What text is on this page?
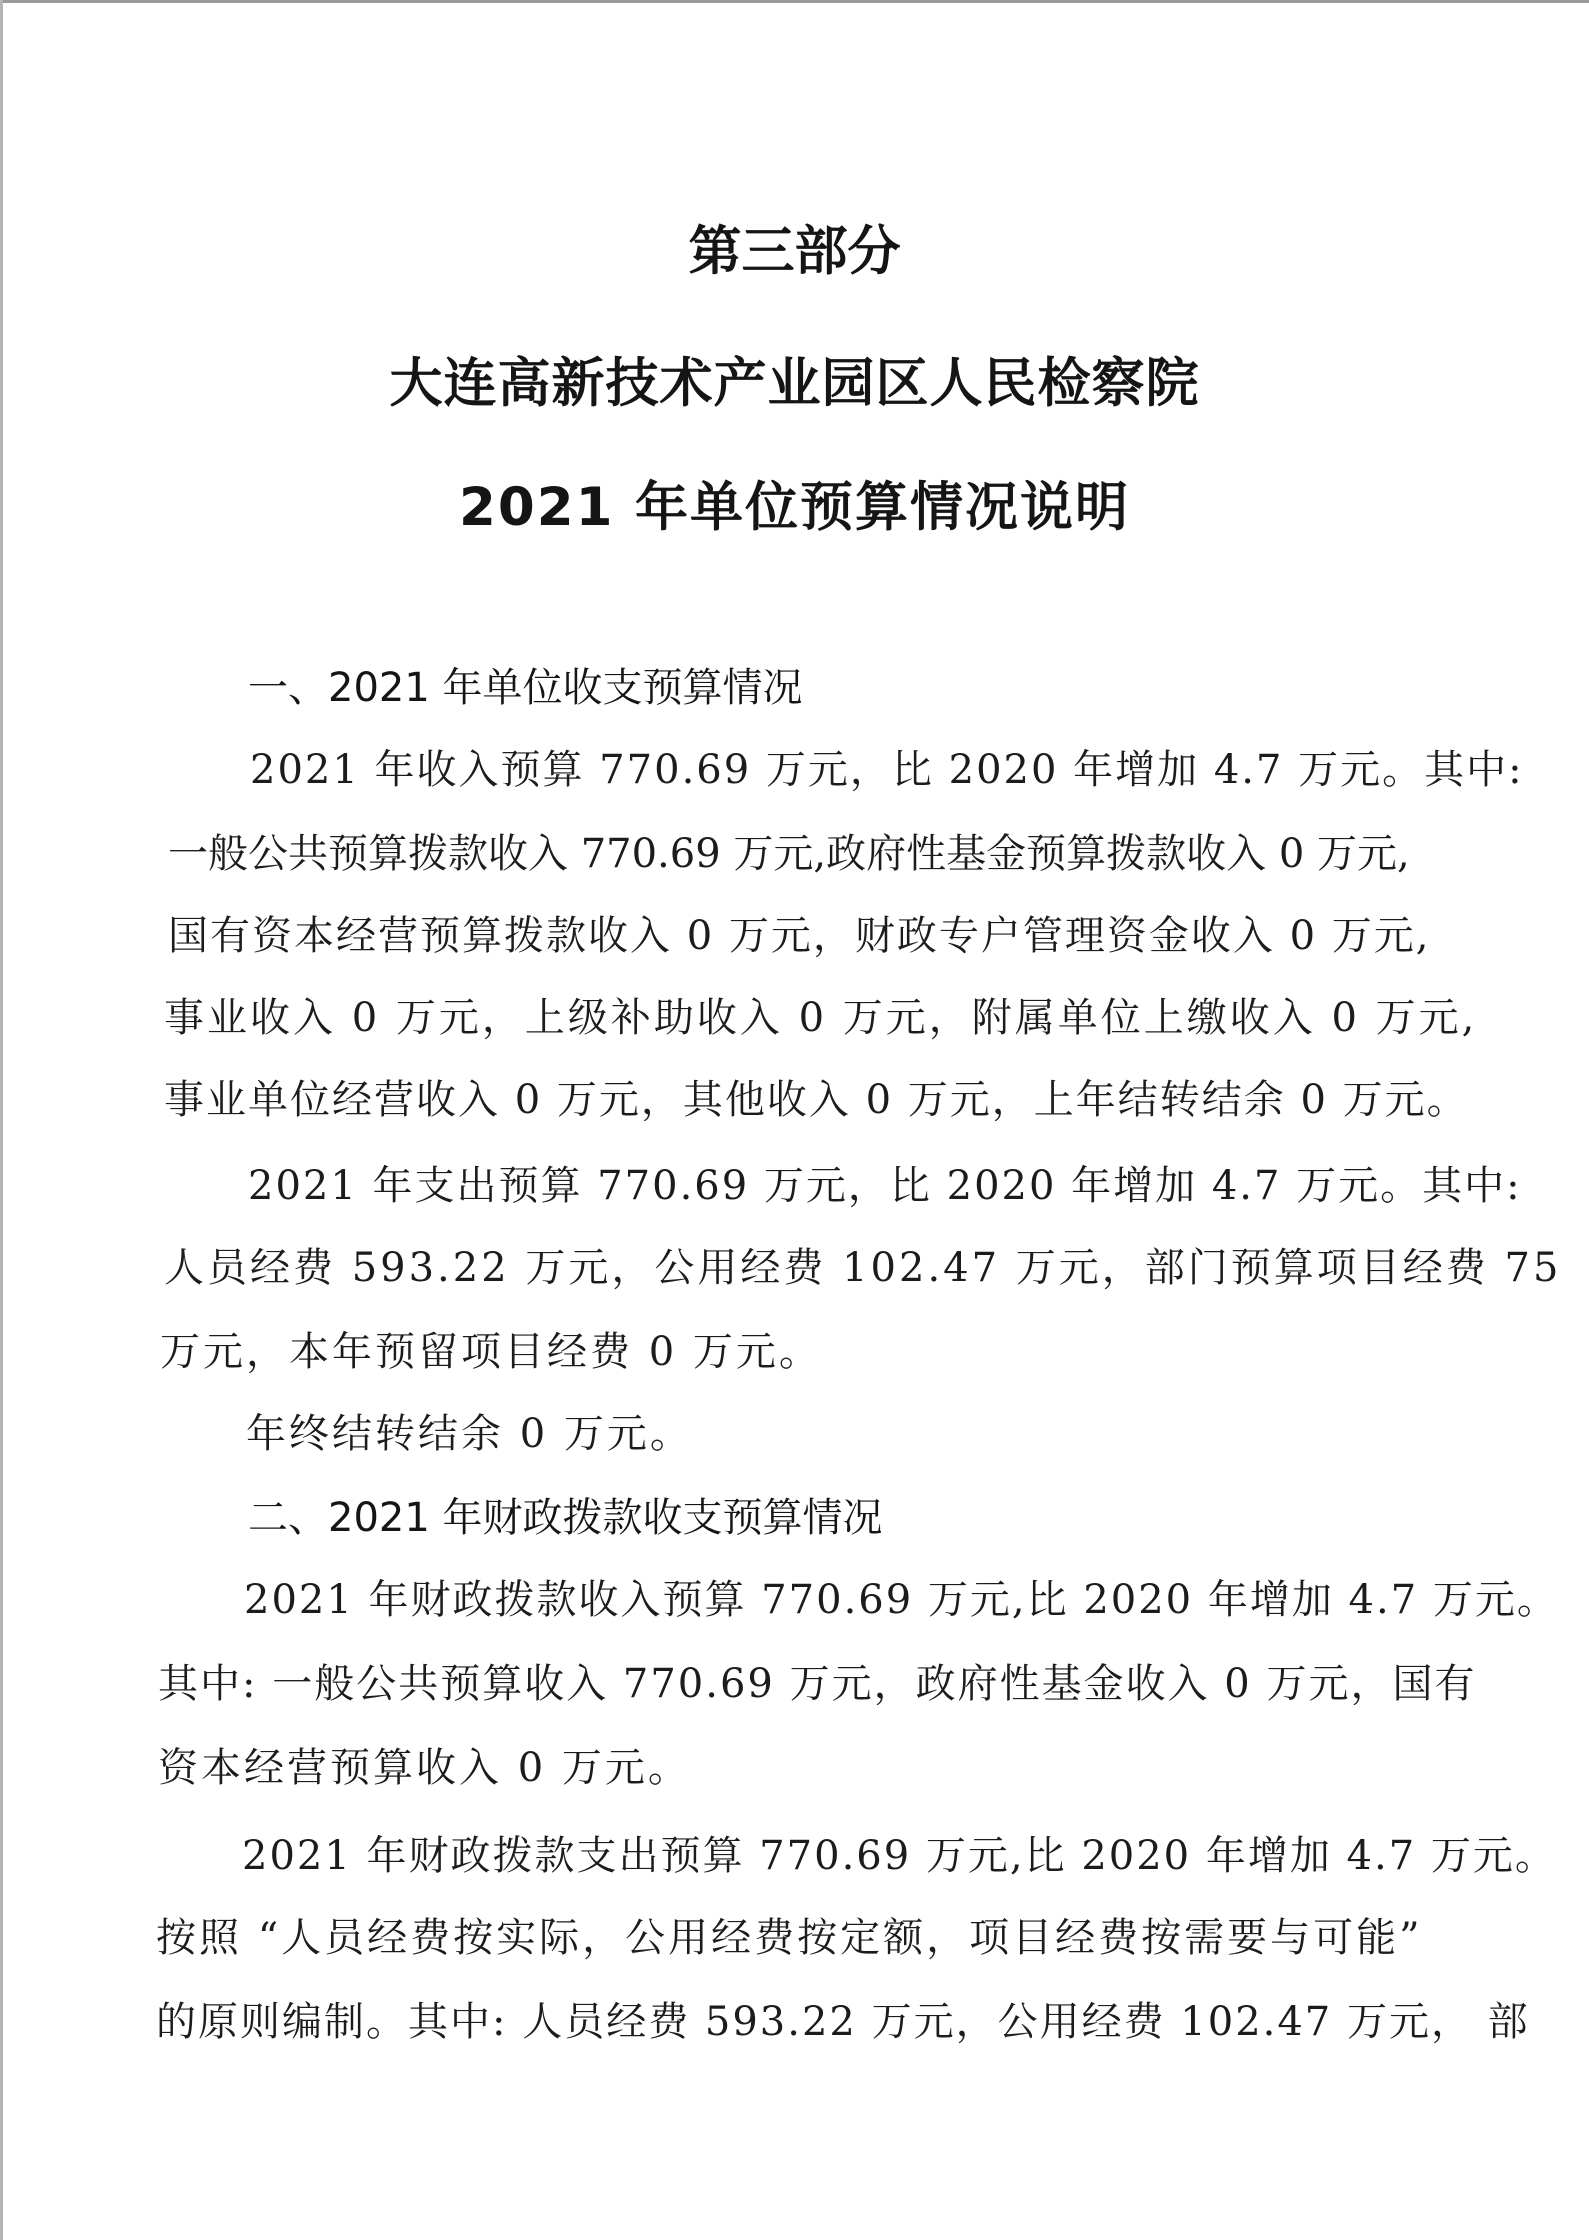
第三部分
大连高新技术产业园区人民检察院
2021 年单位预算情况说明
一、2021 年单位收支预算情况
2021 年收入预算 770.69 万元，比 2020 年增加 4.7 万元。其中:
一般公共预算拨款收入 770.69 万元,政府性基金预算拨款收入 0 万元,
国有资本经营预算拨款收入 0 万元，财政专户管理资金收入 0 万元,
事业收入 0 万元，上级补助收入 0 万元，附属单位上缴收入 0 万元,
事业单位经营收入 0 万元，其他收入 0 万元，上年结转结余 0 万元。
2021 年支出预算 770.69 万元，比 2020 年增加 4.7 万元。其中:
人员经费 593.22 万元，公用经费 102.47 万元，部门预算项目经费 75
万元，本年预留项目经费 0 万元。
年终结转结余 0 万元。
二、2021 年财政拨款收支预算情况
2021 年财政拨款收入预算 770.69 万元,比 2020 年增加 4.7 万元。
其中: 一般公共预算收入 770.69 万元，政府性基金收入 0 万元，国有
资本经营预算收入 0 万元。
2021 年财政拨款支出预算 770.69 万元,比 2020 年增加 4.7 万元。
按照 “人员经费按实际，公用经费按定额，项目经费按需要与可能”
的原则编制。其中: 人员经费 593.22 万元，公用经费 102.47 万元， 部
